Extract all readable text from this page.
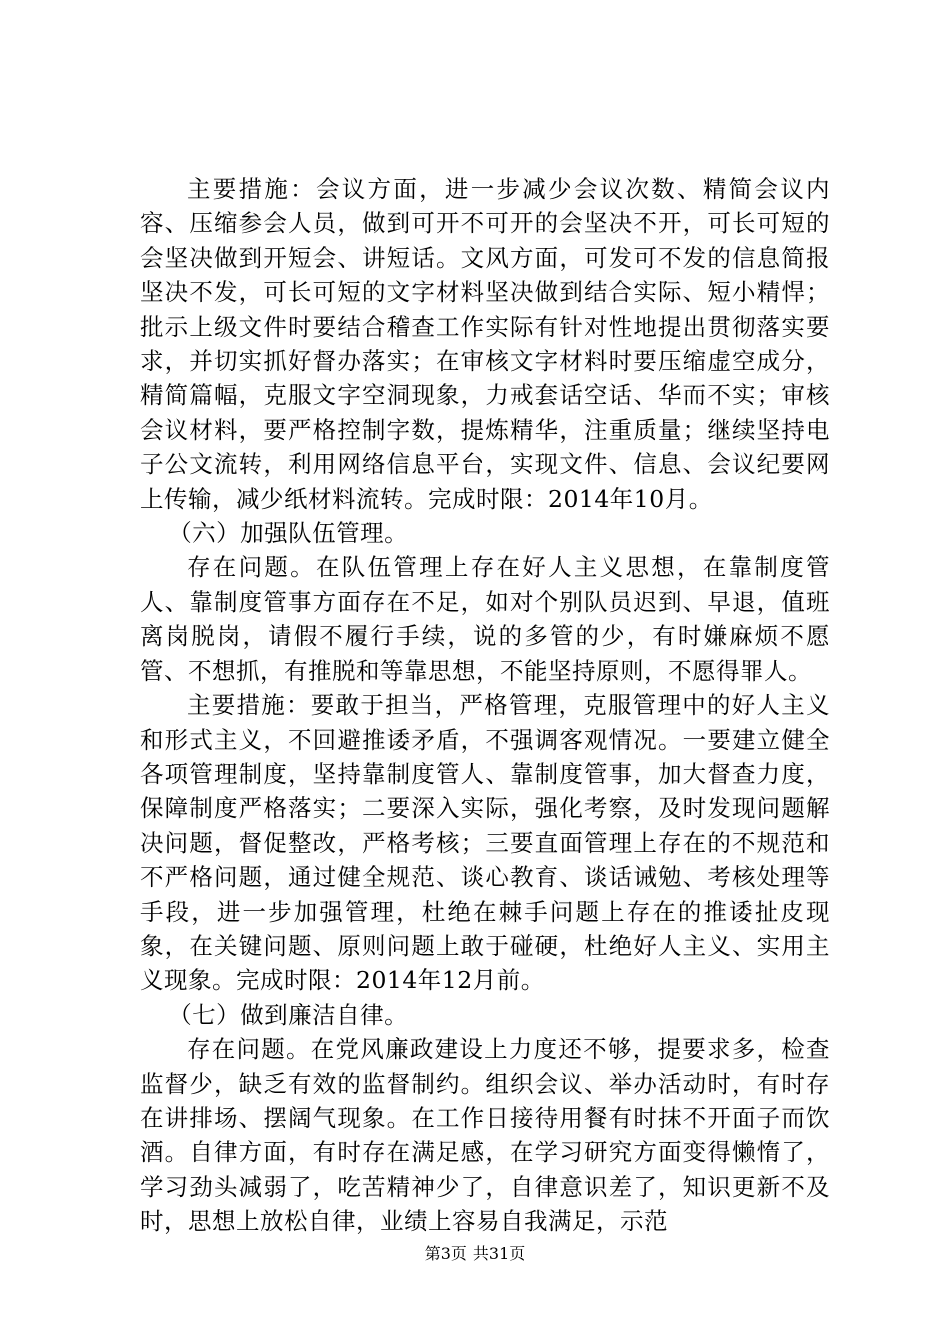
主要措施：会议方面，进一步减少会议次数、精简会议内容、压缩参会人员，做到可开不可开的会坚决不开，可长可短的会坚决做到开短会、讲短话。文风方面，可发可不发的信息简报坚决不发，可长可短的文字材料坚决做到结合实际、短小精悍；批示上级文件时要结合稽查工作实际有针对性地提出贯彻落实要求，并切实抓好督办落实；在审核文字材料时要压缩虚空成分，精简篇幅，克服文字空洞现象，力戒套话空话、华而不实；审核会议材料，要严格控制字数，提炼精华，注重质量；继续坚持电子公文流转，利用网络信息平台，实现文件、信息、会议纪要网上传输，减少纸材料流转。完成时限：2014年10月。

（六）加强队伍管理。

存在问题。在队伍管理上存在好人主义思想，在靠制度管人、靠制度管事方面存在不足，如对个别队员迟到、早退，值班离岗脱岗，请假不履行手续，说的多管的少，有时嫌麻烦不愿管、不想抓，有推脱和等靠思想，不能坚持原则，不愿得罪人。

主要措施：要敢于担当，严格管理，克服管理中的好人主义和形式主义，不回避推诿矛盾，不强调客观情况。一要建立健全各项管理制度，坚持靠制度管人、靠制度管事，加大督查力度，保障制度严格落实；二要深入实际，强化考察，及时发现问题解决问题，督促整改，严格考核；三要直面管理上存在的不规范和不严格问题，通过健全规范、谈心教育、谈话诫勉、考核处理等手段，进一步加强管理，杜绝在棘手问题上存在的推诿扯皮现象，在关键问题、原则问题上敢于碰硬，杜绝好人主义、实用主义现象。完成时限：2014年12月前。

（七）做到廉洁自律。

存在问题。在党风廉政建设上力度还不够，提要求多，检查监督少，缺乏有效的监督制约。组织会议、举办活动时，有时存在讲排场、摆阔气现象。在工作日接待用餐有时抹不开面子而饮酒。自律方面，有时存在满足感，在学习研究方面变得懒惰了，学习劲头减弱了，吃苦精神少了，自律意识差了，知识更新不及时，思想上放松自律，业绩上容易自我满足，示范

第3页 共31页
